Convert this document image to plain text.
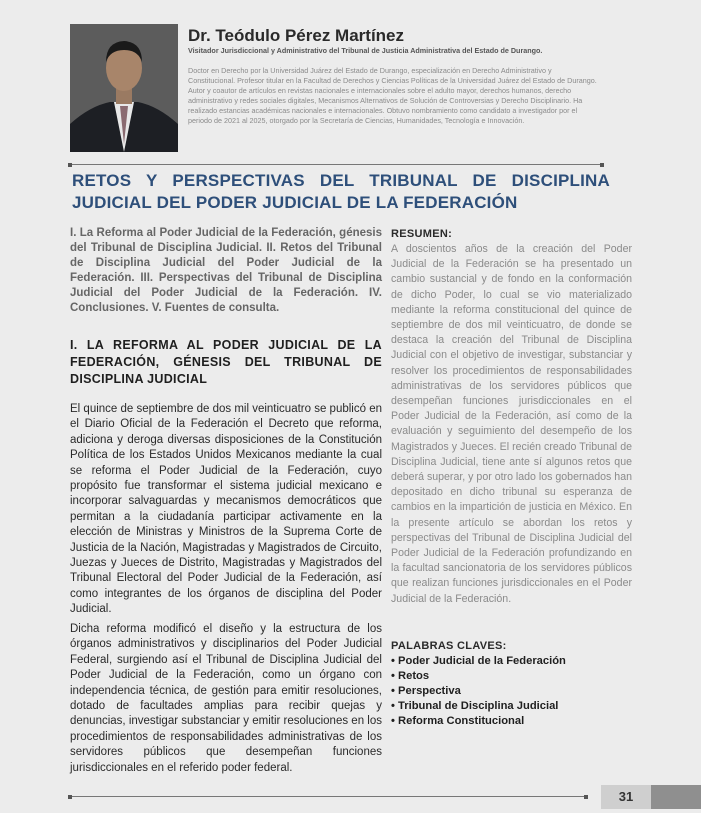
Dr. Teódulo Pérez Martínez
Visitador Jurisdiccional y Administrativo del Tribunal de Justicia Administrativa del Estado de Durango.
Doctor en Derecho por la Universidad Juárez del Estado de Durango, especialización en Derecho Administrativo y Constitucional. Profesor titular en la Facultad de Derechos y Ciencias Políticas de la Universidad Juárez del Estado de Durango. Autor y coautor de artículos en revistas nacionales e internacionales sobre el adulto mayor, derechos humanos, derecho administrativo y redes sociales digitales, Mecanismos Alternativos de Solución de Controversias y Derecho Disciplinario. Ha realizado estancias académicas nacionales e internacionales. Obtuvo nombramiento como candidato a investigador por el periodo de 2021 al 2025, otorgado por la Secretaría de Ciencias, Humanidades, Tecnología e Innovación.
RETOS Y PERSPECTIVAS DEL TRIBUNAL DE DISCIPLINA
JUDICIAL DEL PODER JUDICIAL DE LA FEDERACIÓN
I. La Reforma al Poder Judicial de la Federación, génesis del Tribunal de Disciplina Judicial. II. Retos del Tribunal de Disciplina Judicial del Poder Judicial de la Federación. III. Perspectivas del Tribunal de Disciplina Judicial del Poder Judicial de la Federación. IV. Conclusiones. V. Fuentes de consulta.
I. LA REFORMA AL PODER JUDICIAL DE LA FEDERACIÓN, GÉNESIS DEL TRIBUNAL DE DISCIPLINA JUDICIAL

El quince de septiembre de dos mil veinticuatro se publicó en el Diario Oficial de la Federación el Decreto que reforma, adiciona y deroga diversas disposiciones de la Constitución Política de los Estados Unidos Mexicanos mediante la cual se reforma el Poder Judicial de la Federación, cuyo propósito fue transformar el sistema judicial mexicano e incorporar salvaguardas y mecanismos democráticos que permitan a la ciudadanía participar activamente en la elección de Ministras y Ministros de la Suprema Corte de Justicia de la Nación, Magistradas y Magistrados de Circuito, Juezas y Jueces de Distrito, Magistradas y Magistrados del Tribunal Electoral del Poder Judicial de la Federación, así como integrantes de los órganos de disciplina del Poder Judicial.

Dicha reforma modificó el diseño y la estructura de los órganos administrativos y disciplinarios del Poder Judicial Federal, surgiendo así el Tribunal de Disciplina Judicial del Poder Judicial de la Federación, como un órgano con independencia técnica, de gestión para emitir resoluciones, dotado de facultades amplias para recibir quejas y denuncias, investigar substanciar y emitir resoluciones en los procedimientos de responsabilidades administrativas de los servidores públicos que desempeñan funciones jurisdiccionales en el referido poder federal.

RESUMEN:

A doscientos años de la creación del Poder Judicial de la Federación se ha presentado un cambio sustancial y de fondo en la conformación de dicho Poder, lo cual se vio materializado mediante la reforma constitucional del quince de septiembre de dos mil veinticuatro, de donde se destaca la creación del Tribunal de Disciplina Judicial con el objetivo de investigar, substanciar y resolver los procedimientos de responsabilidades administrativas de los servidores públicos que desempeñan funciones jurisdiccionales en el Poder Judicial de la Federación, así como de la evaluación y seguimiento del desempeño de los Magistrados y Jueces. El recién creado Tribunal de Disciplina Judicial, tiene ante sí algunos retos que deberá superar, y por otro lado los gobernados han depositado en dicho tribunal su esperanza de cambios en la impartición de justicia en México. En la presente artículo se abordan los retos y perspectivas del Tribunal de Disciplina Judicial del Poder Judicial de la Federación profundizando en la facultad sancionatoria de los servidores públicos que realizan funciones jurisdiccionales en el Poder Judicial de la Federación.

PALABRAS CLAVES:
• Poder Judicial de la Federación
• Retos
• Perspectiva
• Tribunal de Disciplina Judicial
• Reforma Constitucional
31
